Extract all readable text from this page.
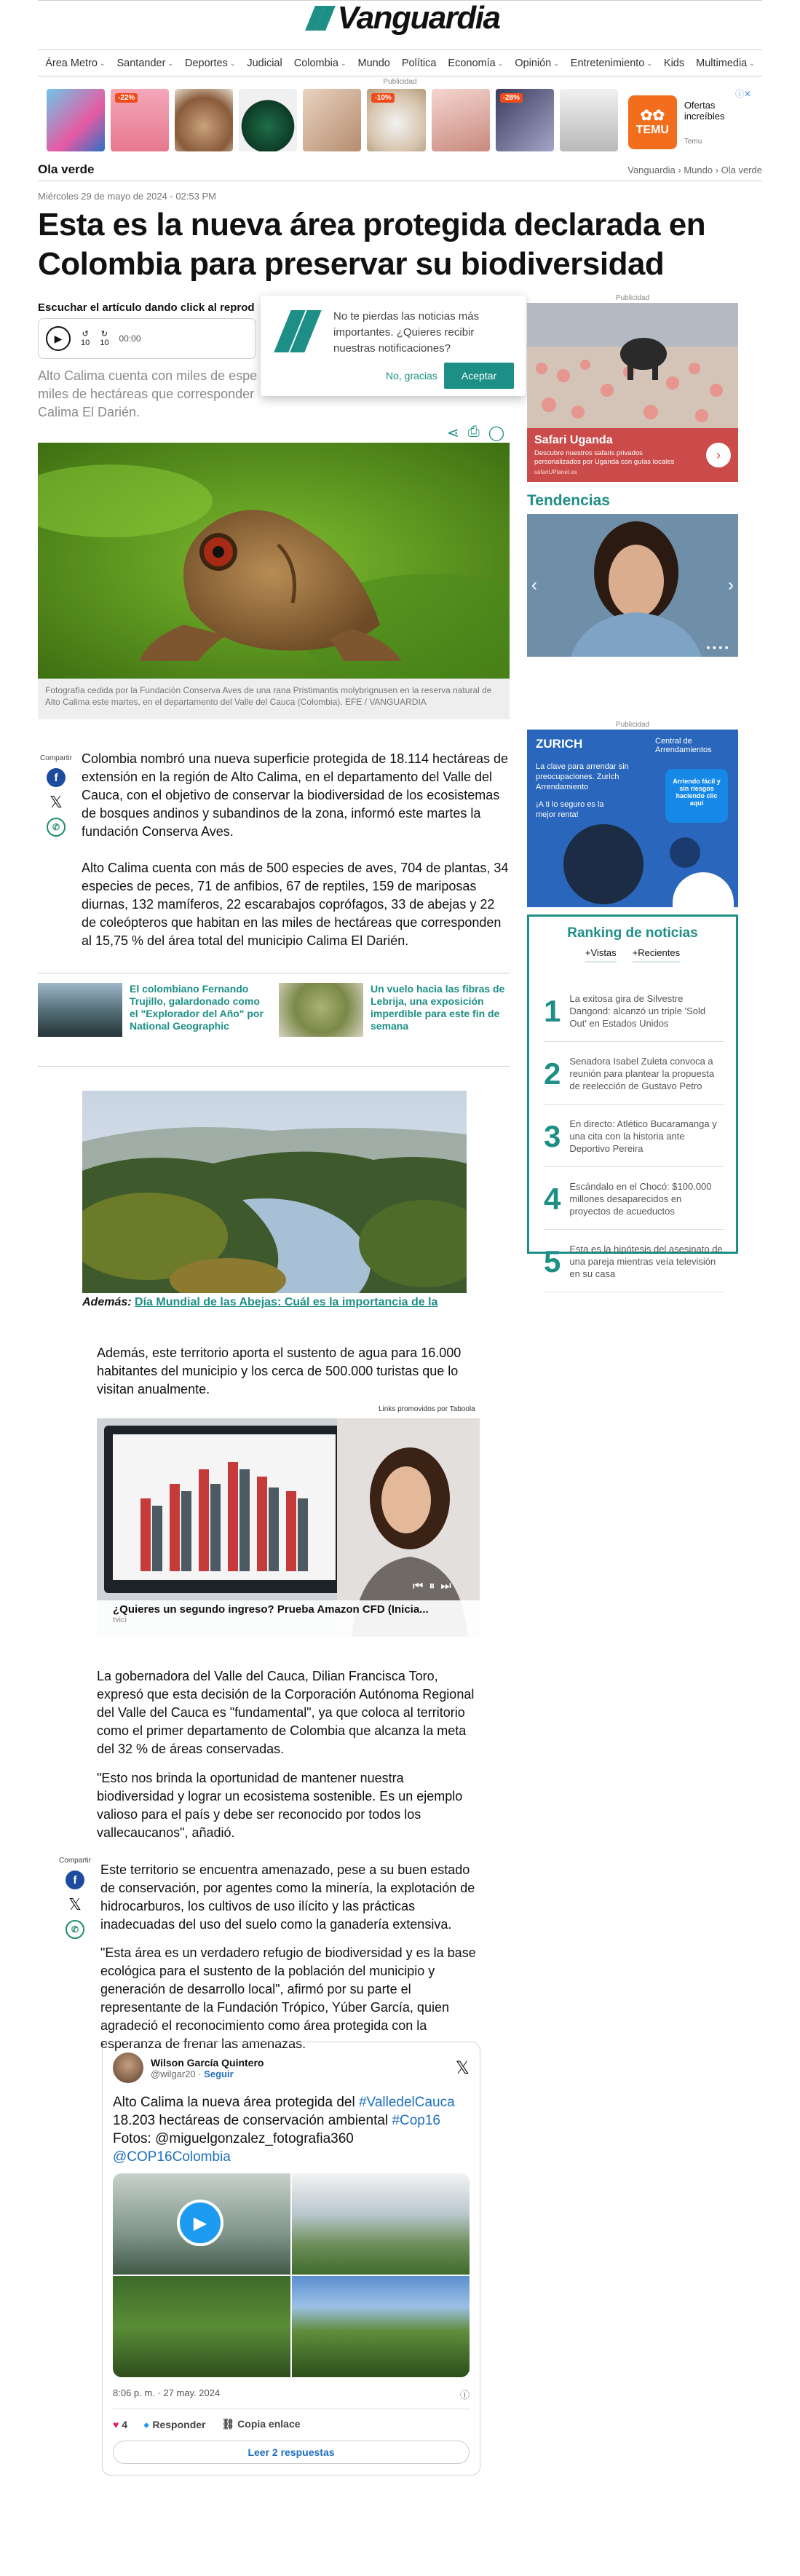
Vanguardia
Área Metro ⌄ Santander ⌄ Deportes ⌄ Judicial Colombia ⌄ Mundo Política Economía ⌄ Opinión ⌄ Entretenimiento ⌄ Kids Multimedia ⌄
Publicidad
ⓘ✕
-22%	-10%	-28%
✿✿
TEMU
Ofertas increíbles
Temu
Ola verde	Vanguardia › Mundo › Ola verde
Miércoles 29 de mayo de 2024 - 02:53 PM
Esta es la nueva área protegida declarada en Colombia para preservar su biodiversidad
Escuchar el artículo dando click al reprod
▶	↺
10
↻
10 00:00
Alto Calima cuenta con miles de espe miles de hectáreas que corresponder Calima El Darién.
No te pierdas las noticias más importantes. ¿Quieres recibir nuestras notificaciones?
No, gracias	Aceptar
⋖ ⎙ ◯
Fotografía cedida por la Fundación Conserva Aves de una rana Pristimantis molybrignusen en la reserva natural de Alto Calima este martes, en el departamento del Valle del Cauca (Colombia). EFE / VANGUARDIA
Compartir
f
𝕏
✆
Colombia nombró una nueva superficie protegida de 18.114 hectáreas de extensión en la región de Alto Calima, en el departamento del Valle del Cauca, con el objetivo de conservar la biodiversidad de los ecosistemas de bosques andinos y subandinos de la zona, informó este martes la fundación Conserva Aves.
Alto Calima cuenta con más de 500 especies de aves, 704 de plantas, 34 especies de peces, 71 de anfibios, 67 de reptiles, 159 de mariposas diurnas, 132 mamíferos, 22 escarabajos coprófagos, 33 de abejas y 22 de coleópteros que habitan en las miles de hectáreas que corresponden al 15,75 % del área total del municipio Calima El Darién.
El colombiano Fernando Trujillo, galardonado como el "Explorador del Año" por National Geographic
Un vuelo hacia las fibras de Lebrija, una exposición imperdible para este fin de semana
Además: Día Mundial de las Abejas: Cuál es la importancia de la
Además, este territorio aporta el sustento de agua para 16.000 habitantes del municipio y los cerca de 500.000 turistas que lo visitan anualmente.
Links promovidos por Taboola
¿Quieres un segundo ingreso? Prueba Amazon CFD (Inicia...
tvici
⏮⏸⏭
La gobernadora del Valle del Cauca, Dilian Francisca Toro, expresó que esta decisión de la Corporación Autónoma Regional del Valle del Cauca es "fundamental", ya que coloca al territorio como el primer departamento de Colombia que alcanza la meta del 32 % de áreas conservadas.
"Esto nos brinda la oportunidad de mantener nuestra biodiversidad y lograr un ecosistema sostenible. Es un ejemplo valioso para el país y debe ser reconocido por todos los vallecaucanos", añadió.
Compartir
f
𝕏
✆
Este territorio se encuentra amenazado, pese a su buen estado de conservación, por agentes como la minería, la explotación de hidrocarburos, los cultivos de uso ilícito y las prácticas inadecuadas del uso del suelo como la ganadería extensiva.
"Esta área es un verdadero refugio de biodiversidad y es la base ecológica para el sustento de la población del municipio y generación de desarrollo local", afirmó por su parte el representante de la Fundación Trópico, Yúber García, quien agradeció el reconocimiento como área protegida con la esperanza de frenar las amenazas.
Wilson García Quintero
@wilgar20 · Seguir	𝕏
Alto Calima la nueva área protegida del #ValledelCauca
18.203 hectáreas de conservación ambiental #Cop16
Fotos: @miguelgonzalez_fotografia360
@COP16Colombia
▶
8:06 p. m. · 27 may. 2024	ⓘ
♥ 4 ● Responder ⛓ Copia enlace
Leer 2 respuestas
Publicidad
Safari Uganda
Descubre nuestros safaris privados personalizados por Uganda con guías locales
safariUPlanet.es
›
Tendencias
‹	›
●●●●
Publicidad
ZURICH	Central de Arrendamientos
La clave para arrendar sin preocupaciones. Zurich Arrendamiento
¡A ti lo seguro es la mejor renta!
Arriendo fácil y sin riesgos haciendo clic aquí
Ranking de noticias
+Vistas +Recientes
1 La exitosa gira de Silvestre Dangond: alcanzó un triple 'Sold Out' en Estados Unidos
2 Senadora Isabel Zuleta convoca a reunión para plantear la propuesta de reelección de Gustavo Petro
3 En directo: Atlético Bucaramanga y una cita con la historia ante Deportivo Pereira
4 Escándalo en el Chocó: $100.000 millones desaparecidos en proyectos de acueductos
5 Esta es la hipótesis del asesinato de una pareja mientras veía televisión en su casa
